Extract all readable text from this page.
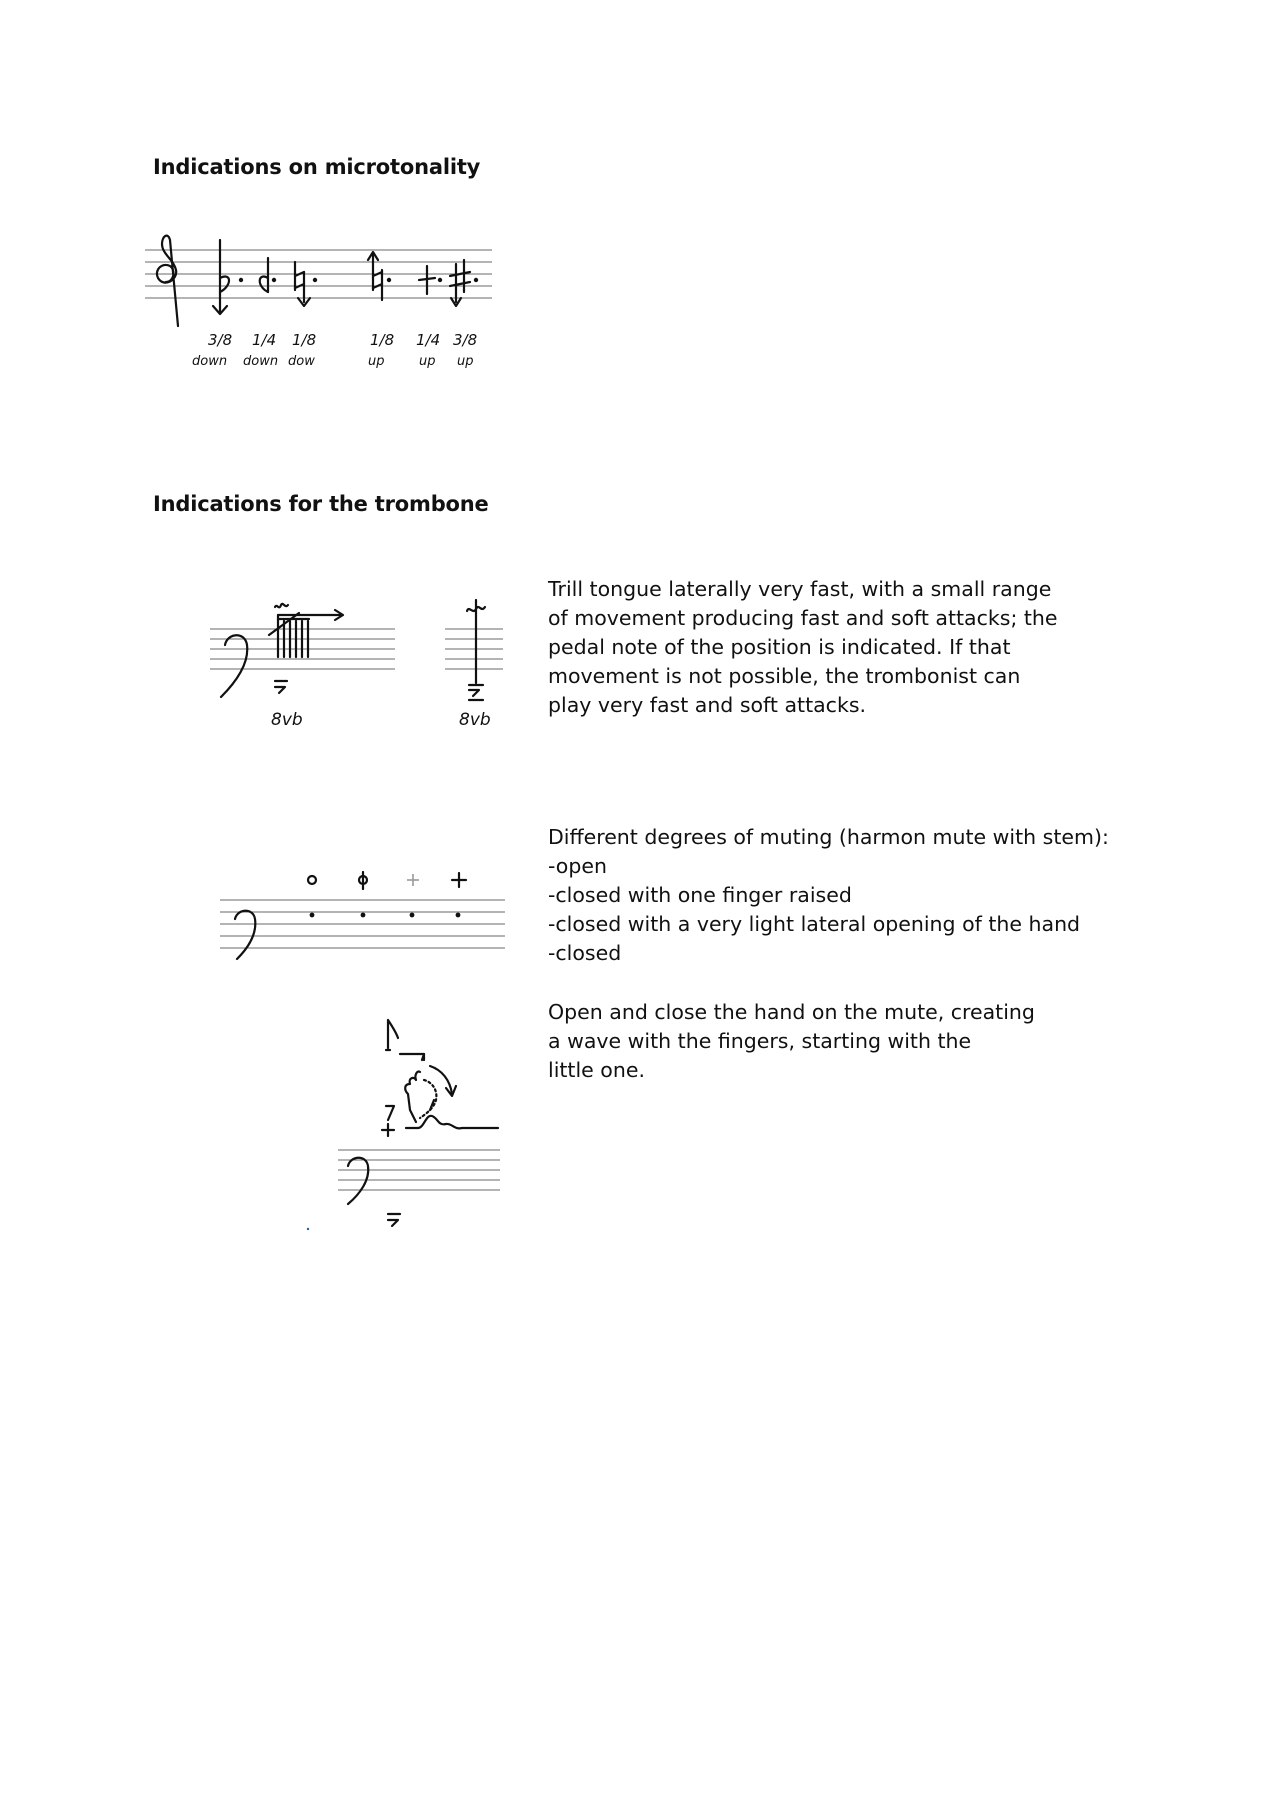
Indications on microtonality
3/8
down
1/4
down
1/8
dow
1/8
up
1/4
up
3/8
up
Indications for the trombone
8vb	8vb

Trill tongue laterally very fast, with a small range
of movement producing fast and soft attacks; the
pedal note of the position is indicated. If that
movement is not possible, the trombonist can
play very fast and soft attacks.

Different degrees of muting (harmon mute with stem):
-open
-closed with one finger raised
-closed with a very light lateral opening of the hand
-closed

Open and close the hand on the mute, creating
a wave with the fingers, starting with the
little one.
